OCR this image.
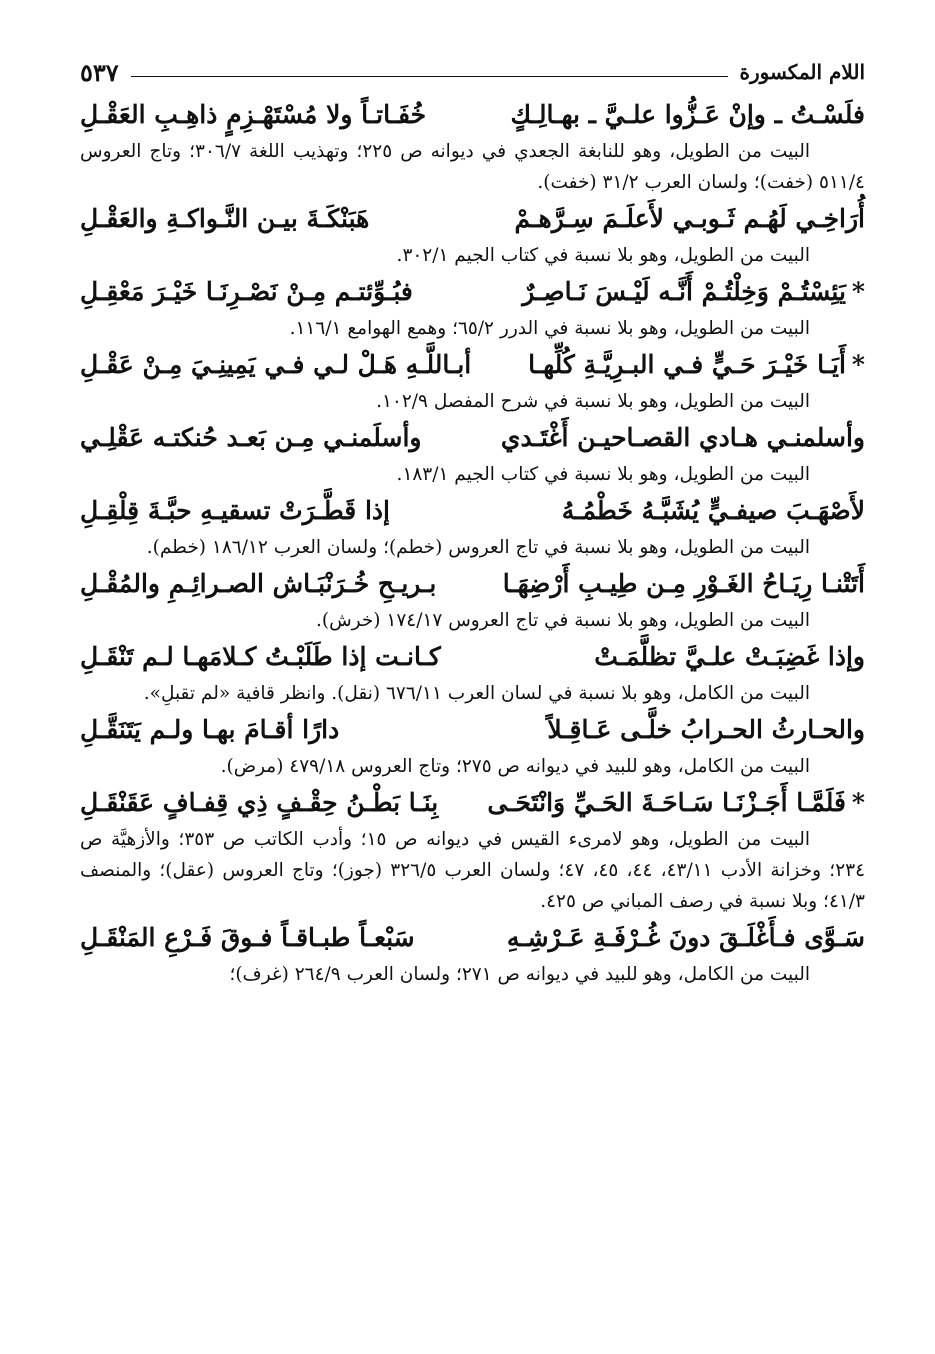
اللام المكسورة
٥٣٧
فلَسْـتُ ـ وإنْ عَـزُّوا علـيَّ ـ بهـالِـكٍ
خُفَـاتـاً ولا مُسْتَهْـزِمٍ ذاهِـبِ العَقْـلِ
البيت من الطويل، وهو للنابغة الجعدي في ديوانه ص ٢٢٥؛ وتهذيب اللغة ٣٠٦/٧؛ وتاج العروس ٥١١/٤ (خفت)؛ ولسان العرب ٣١/٢ (خفت).
أُرَاخِـي لَهُـم ثَـوبـي لأَعلَـمَ سِـرَّهـمْ
هَبَنْكَـةَ بيـن النَّـواكـةِ والعَقْـلِ
البيت من الطويل، وهو بلا نسبة في كتاب الجيم ٣٠٢/١.
*يَئِسْتُـمْ وَخِلْتُـمْ أَنَّـه لَيْـسَ نَـاصِـرٌ
فبُـوِّئتـم مِـنْ نَصْـرِنَـا خَيْـرَ مَعْقِـلِ
البيت من الطويل، وهو بلا نسبة في الدرر ٦٥/٢؛ وهمع الهوامع ١١٦/١.
*أَيَـا خَيْـرَ حَـيٍّ فـي البـرِيَّـةِ كُلِّهـا
أبـاللَّـهِ هَـلْ لـي فـي يَمِينِـيَ مِـنْ عَقْـلِ
البيت من الطويل، وهو بلا نسبة في شرح المفصل ١٠٢/٩.
وأسلمنـي هـادي القصـاحيـن أَغْتَـدي
وأسلَمنـي مِـن بَعـد حُنكتـه عَقْلِـي
البيت من الطويل، وهو بلا نسبة في كتاب الجيم ١٨٣/١.
لأَصْهَـبَ صيفـيٍّ يُشَبَّـهُ خَطْمُـهُ
إذا قَطَّـرَتْ تسقيـهِ حبَّـةَ قِلْقِـلِ
البيت من الطويل، وهو بلا نسبة في تاج العروس (خطم)؛ ولسان العرب ١٨٦/١٢ (خطم).
أَتَتْنـا رِيَـاحُ الغَـوْرِ مِـن طِيـبِ أَرْضِهَـا
بـريـحِ خُـرَنْبَـاش الصـرائِـمِ والمُقْـلِ
البيت من الطويل، وهو بلا نسبة في تاج العروس ١٧٤/١٧ (خرش).
وإذا غَضِبَـتْ علـيَّ تظلَّمَـتْ
كـانـت إذا طَلَبْـتُ كـلامَهـا لـم تَنْقَـلِ
البيت من الكامل، وهو بلا نسبة في لسان العرب ٦٧٦/١١ (نقل). وانظر قافية «لم تقبلِ».
والحـارثُ الحـرابُ خلَّـى عَـاقِـلاً
دارًا أقـامَ بهـا ولـم يَتَنَقَّـلِ
البيت من الكامل، وهو للبيد في ديوانه ص ٢٧٥؛ وتاج العروس ٤٧٩/١٨ (مرض).
*فَلَمَّـا أَجَـزْنَـا سَـاحَـةَ الحَـيِّ وَانْتَحَـى
بِنَـا بَطْـنُ حِقْـفٍ ذِي قِفـافٍ عَقَنْقَـلِ
البيت من الطويل، وهو لامرىء القيس في ديوانه ص ١٥؛ وأدب الكاتب ص ٣٥٣؛ والأزهيَّة ص ٢٣٤؛ وخزانة الأدب ٤٣/١١، ٤٤، ٤٥، ٤٧؛ ولسان العرب ٣٢٦/٥ (جوز)؛ وتاج العروس (عقل)؛ والمنصف ٤١/٣؛ وبلا نسبة في رصف المباني ص ٤٢٥.
سَـوَّى فـأَغْلَـقَ دونَ غُـرْفَـةِ عَـرْشِـهِ
سَبْعـاً طبـاقـاً فـوقَ فَـرْعِ المَنْقَـلِ
البيت من الكامل، وهو للبيد في ديوانه ص ٢٧١؛ ولسان العرب ٢٦٤/٩ (غرف)؛
